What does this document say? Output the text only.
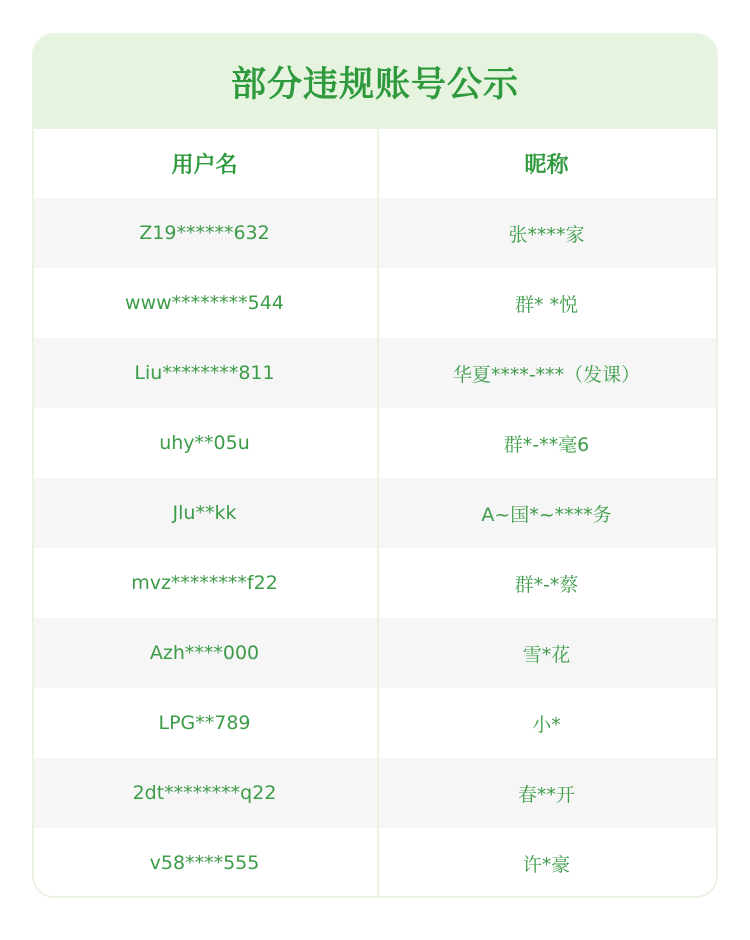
部分违规账号公示
用户名	昵称
Z19******632	张****家
www********544	群* *悦
Liu********811	华夏****-***（发课）
uhy**05u	群*-**毫6
Jlu**kk	A~国*~****务
mvz********f22	群*-*蔡
Azh****000	雪*花
LPG**789	小*
2dt********q22	春**开
v58****555	许*豪
